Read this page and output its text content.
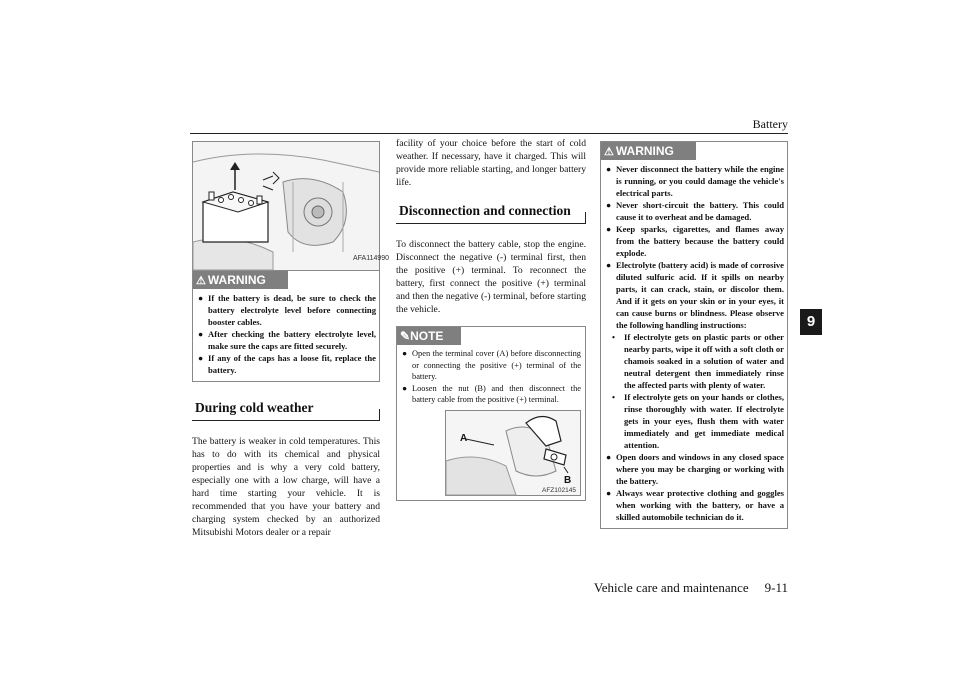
Battery
AFA114990
⚠ WARNING
● If the battery is dead, be sure to check the battery electrolyte level before connecting booster cables.
● After checking the battery electrolyte level, make sure the caps are fitted securely.
● If any of the caps has a loose fit, replace the battery.
During cold weather

The battery is weaker in cold temperatures. This has to do with its chemical and physical properties and is why a very cold battery, especially one with a low charge, will have a hard time starting your vehicle. It is recommended that you have your battery and charging system checked by an authorized Mitsubishi Motors dealer or a repair

facility of your choice before the start of cold weather. If necessary, have it charged. This will provide more reliable starting, and longer battery life.

Disconnection and connection

To disconnect the battery cable, stop the engine. Disconnect the negative (-) terminal first, then the positive (+) terminal. To reconnect the battery, first connect the positive (+) terminal and then the negative (-) terminal, before starting the vehicle.

✎NOTE
● Open the terminal cover (A) before disconnecting or connecting the positive (+) terminal of the battery.
● Loosen the nut (B) and then disconnect the battery cable from the positive (+) terminal.
A
B
AFZ102145
⚠ WARNING
● Never disconnect the battery while the engine is running, or you could damage the vehicle's electrical parts.
● Never short-circuit the battery. This could cause it to overheat and be damaged.
● Keep sparks, cigarettes, and flames away from the battery because the battery could explode.
● Electrolyte (battery acid) is made of corrosive diluted sulfuric acid. If it spills on nearby parts, it can crack, stain, or discolor them. And if it gets on your skin or in your eyes, it can cause burns or blindness. Please observe the following handling instructions:
• If electrolyte gets on plastic parts or other nearby parts, wipe it off with a soft cloth or chamois soaked in a solution of water and neutral detergent then immediately rinse the affected parts with plenty of water.
• If electrolyte gets on your hands or clothes, rinse thoroughly with water. If electrolyte gets in your eyes, flush them with water immediately and get immediate medical attention.
● Open doors and windows in any closed space where you may be charging or working with the battery.
● Always wear protective clothing and goggles when working with the battery, or have a skilled automobile technician do it.
9
Vehicle care and maintenance 9-11
